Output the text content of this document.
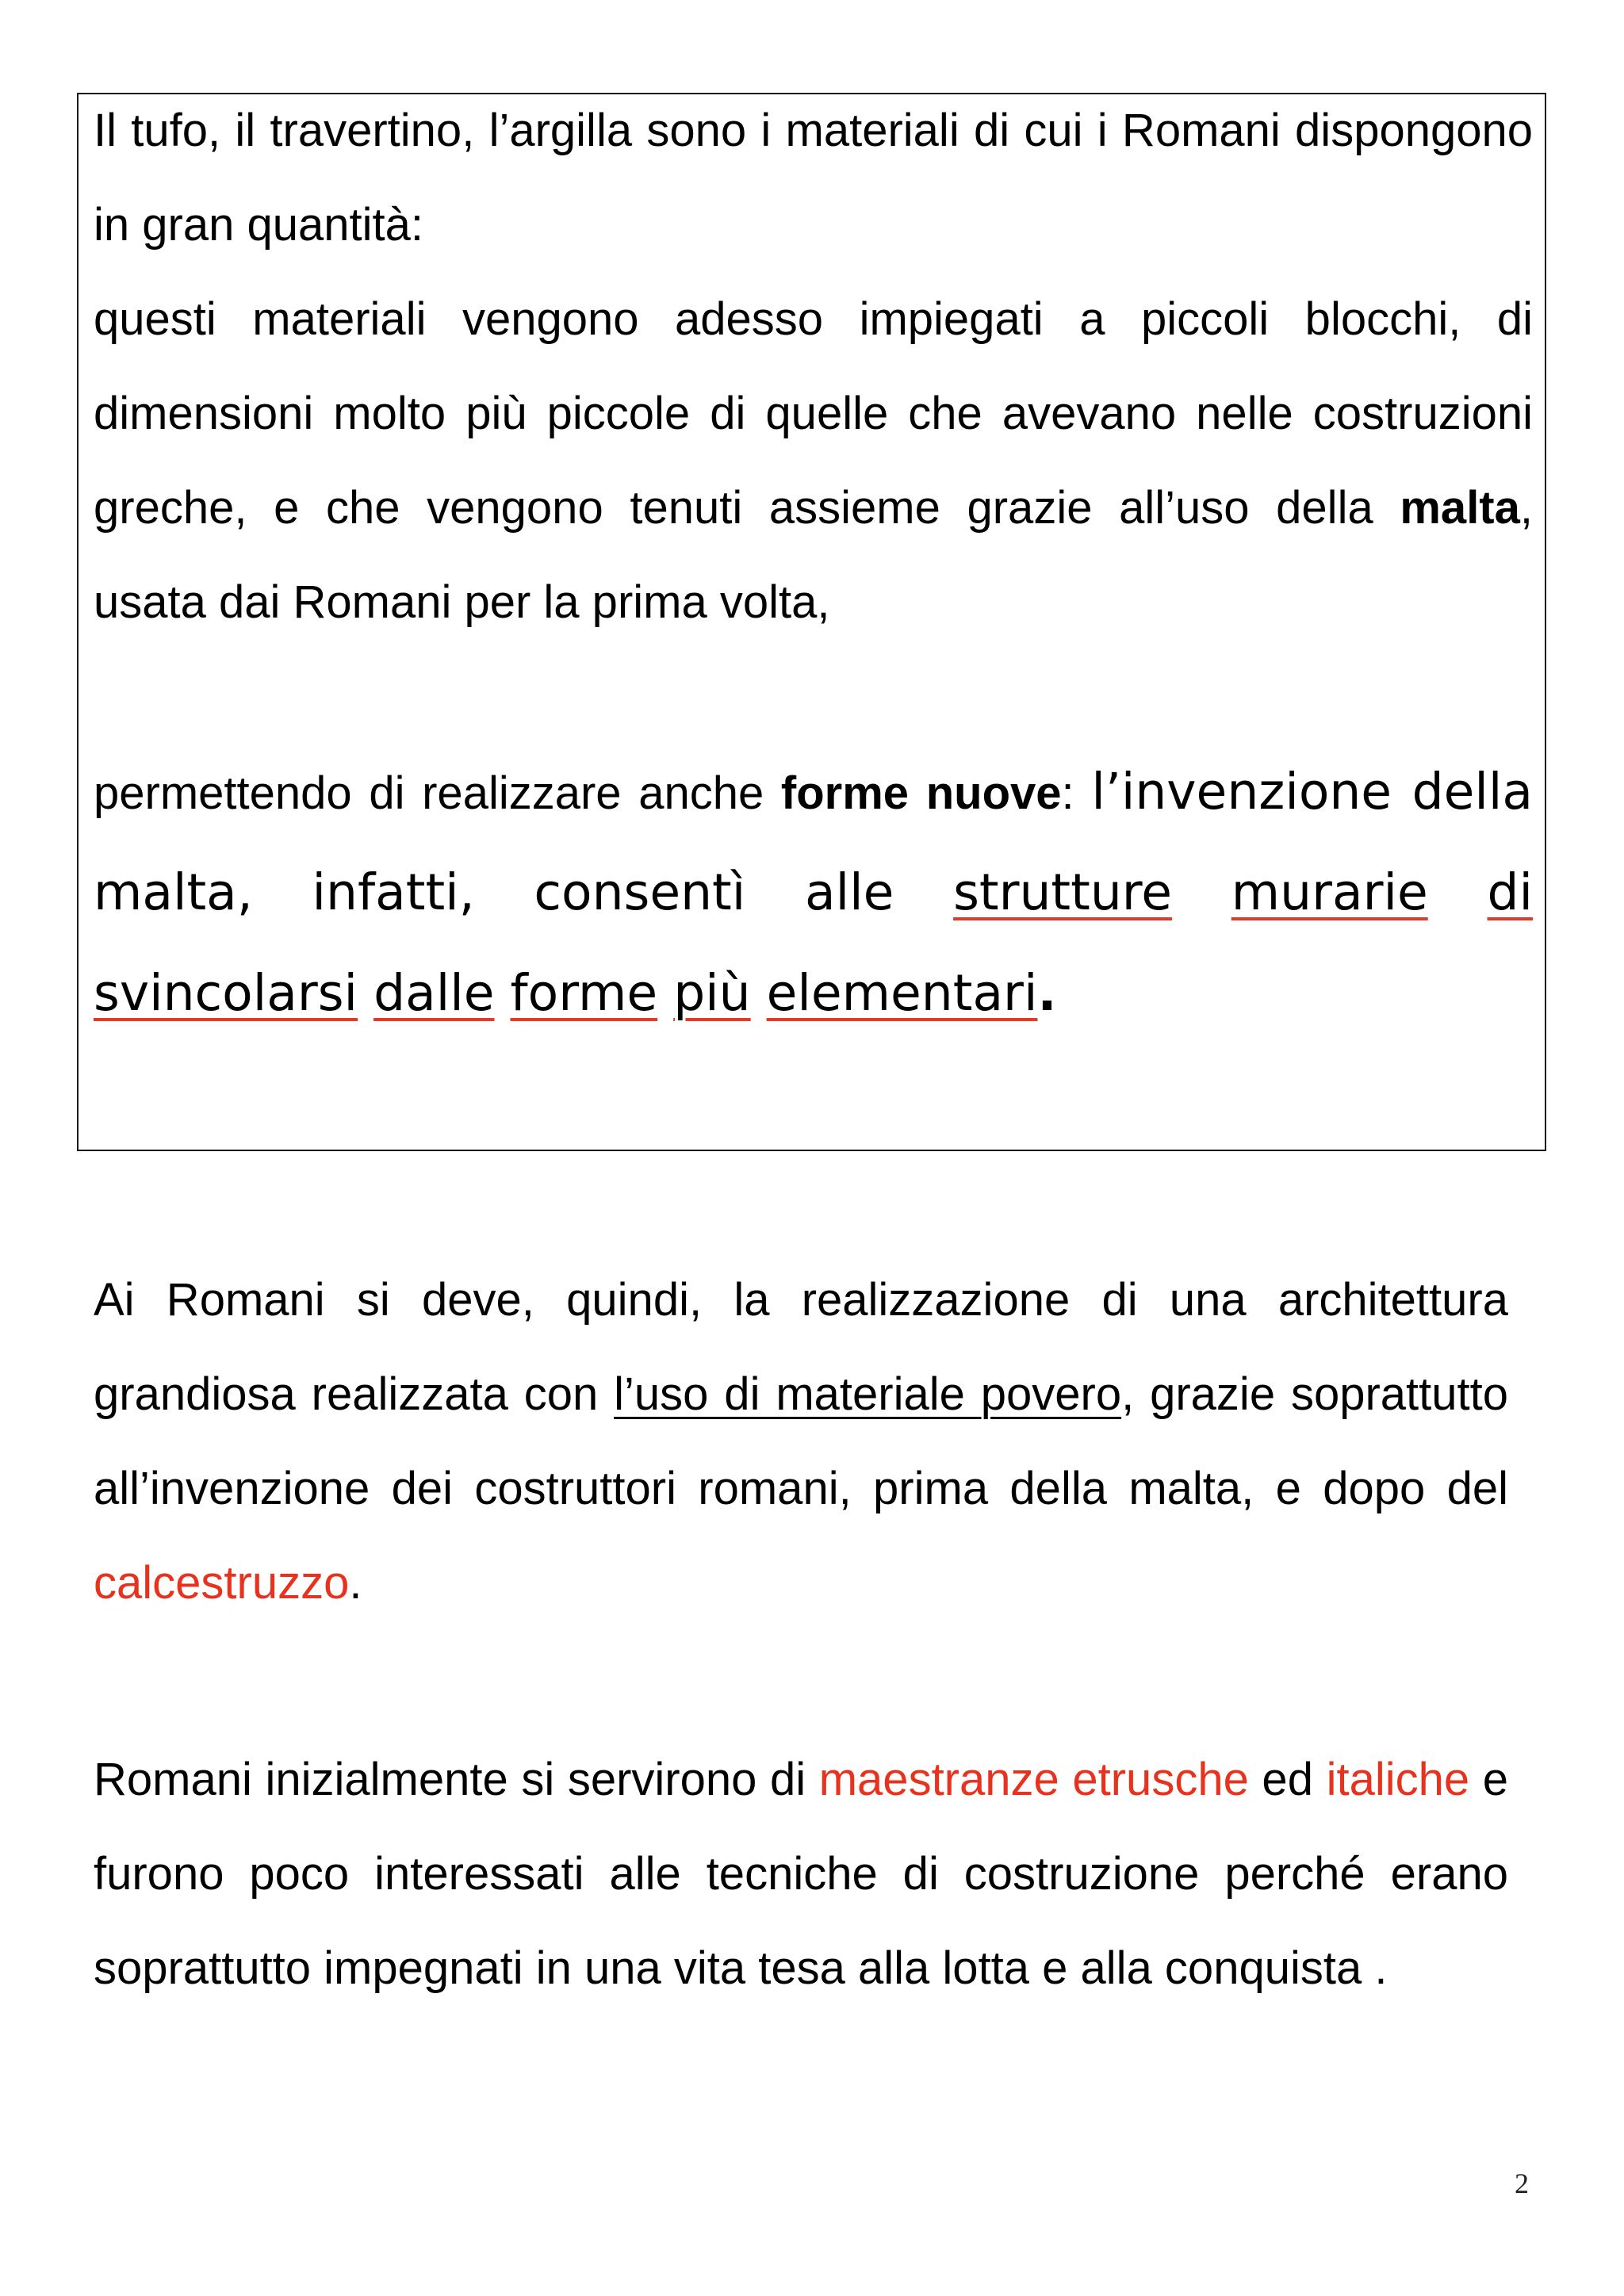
Il tufo, il travertino, l’argilla sono i materiali di cui i Romani dispongono in gran quantità:
questi materiali vengono adesso impiegati a piccoli blocchi, di dimensioni molto più piccole di quelle che avevano nelle costruzioni greche, e che vengono tenuti assieme grazie all’uso della malta, usata dai Romani per la prima volta,

permettendo di realizzare anche forme nuove: l’invenzione della malta, infatti, consentì alle strutture murarie di svincolarsi dalle forme più elementari.

Ai Romani si deve, quindi, la realizzazione di una architettura grandiosa realizzata con l’uso di materiale povero, grazie soprattutto all’invenzione dei costruttori romani, prima della malta, e dopo del calcestruzzo.

Romani inizialmente si servirono di maestranze etrusche ed italiche e furono poco interessati alle tecniche di costruzione perché erano soprattutto impegnati in una vita tesa alla lotta e alla conquista .

2
